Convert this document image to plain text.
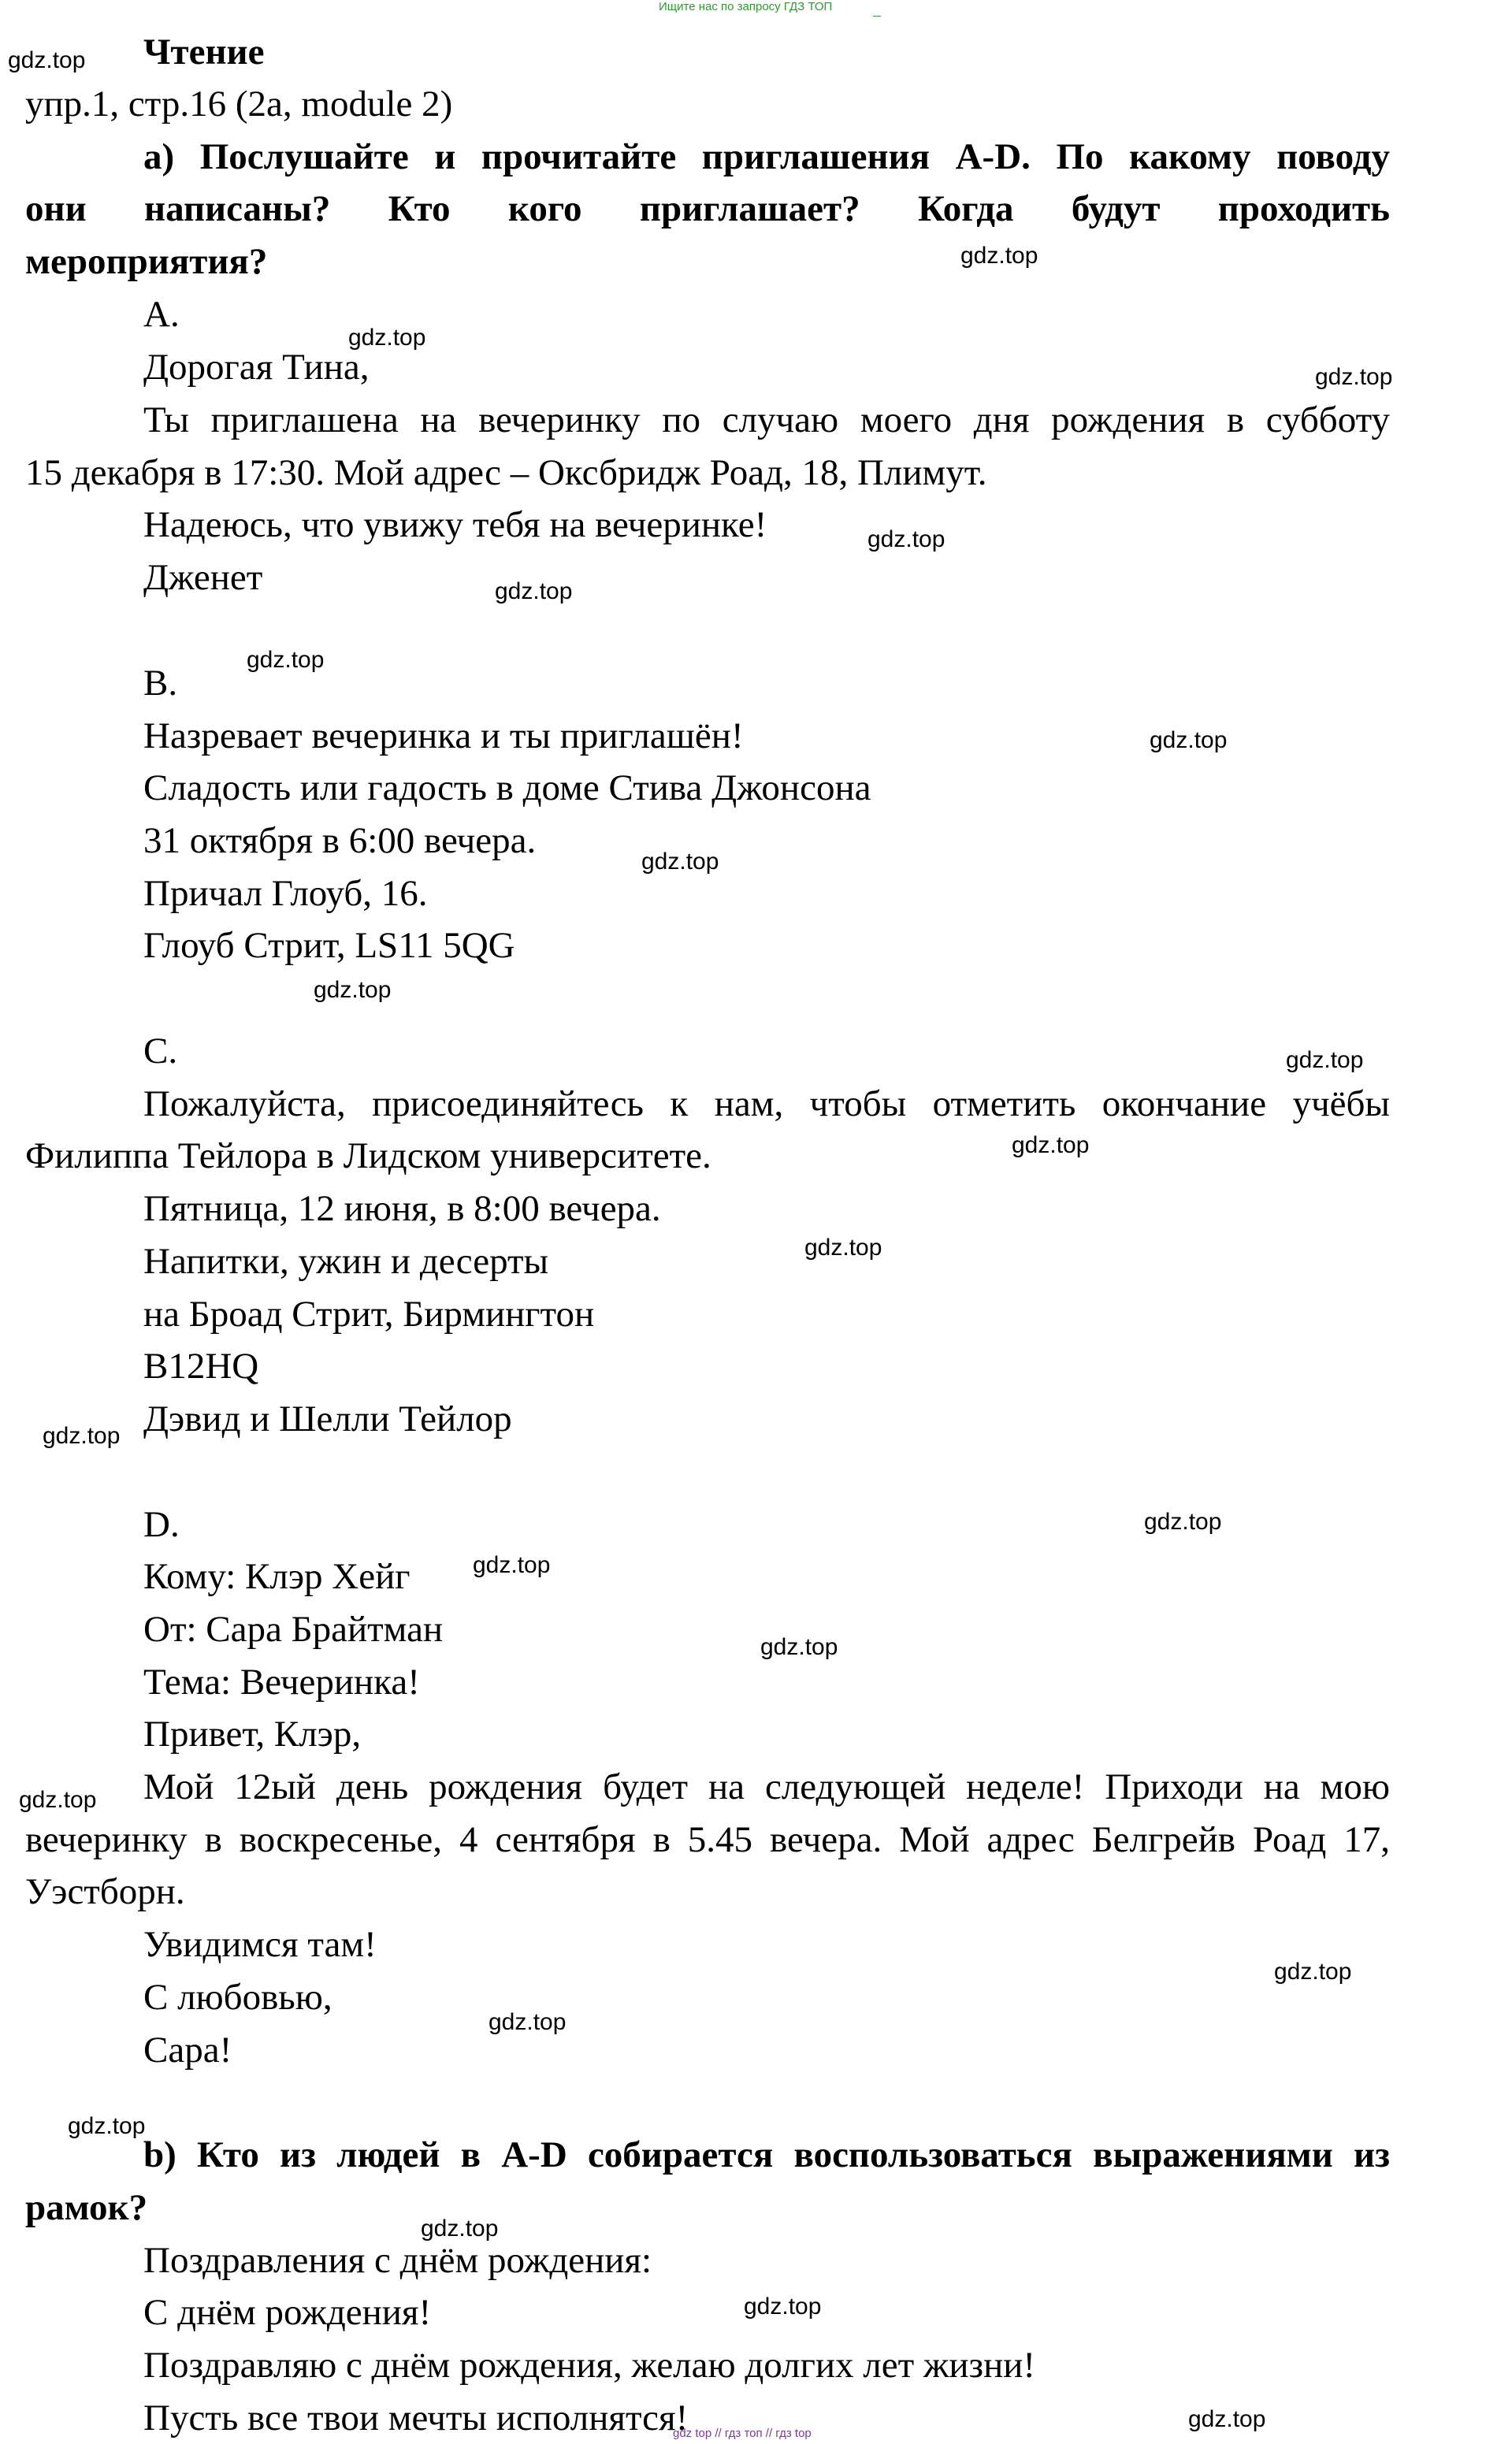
Ищите нас по запросу ГДЗ ТОП
gdz top // гдз топ // гдз top
Чтение
упр.1, стр.16 (2a, module 2)
a) Послушайте и прочитайте приглашения A-D. По какому поводу
они написаны? Кто кого приглашает? Когда будут проходить
мероприятия?
A.
Дорогая Тина,
Ты приглашена на вечеринку по случаю моего дня рождения в субботу
15 декабря в 17:30. Мой адрес – Оксбридж Роад, 18, Плимут.
Надеюсь, что увижу тебя на вечеринке!
Дженет
B.
Назревает вечеринка и ты приглашён!
Сладость или гадость в доме Стива Джонсона
31 октября в 6:00 вечера.
Причал Глоуб, 16.
Глоуб Стрит, LS11 5QG
C.
Пожалуйста, присоединяйтесь к нам, чтобы отметить окончание учёбы
Филиппа Тейлора в Лидском университете.
Пятница, 12 июня, в 8:00 вечера.
Напитки, ужин и десерты
на Броад Стрит, Бирмингтон
B12HQ
Дэвид и Шелли Тейлор
D.
Кому: Клэр Хейг
От: Сара Брайтман
Тема: Вечеринка!
Привет, Клэр,
Мой 12ый день рождения будет на следующей неделе! Приходи на мою
вечеринку в воскресенье, 4 сентября в 5.45 вечера. Мой адрес Белгрейв Роад 17,
Уэстборн.
Увидимся там!
С любовью,
Сара!
b) Кто из людей в A-D собирается воспользоваться выражениями из
рамок?
Поздравления с днём рождения:
С днём рождения!
Поздравляю с днём рождения, желаю долгих лет жизни!
Пусть все твои мечты исполнятся!
gdz.top
gdz.top
gdz.top
gdz.top
gdz.top
gdz.top
gdz.top
gdz.top
gdz.top
gdz.top
gdz.top
gdz.top
gdz.top
gdz.top
gdz.top
gdz.top
gdz.top
gdz.top
gdz.top
gdz.top
gdz.top
gdz.top
gdz.top
gdz.top
